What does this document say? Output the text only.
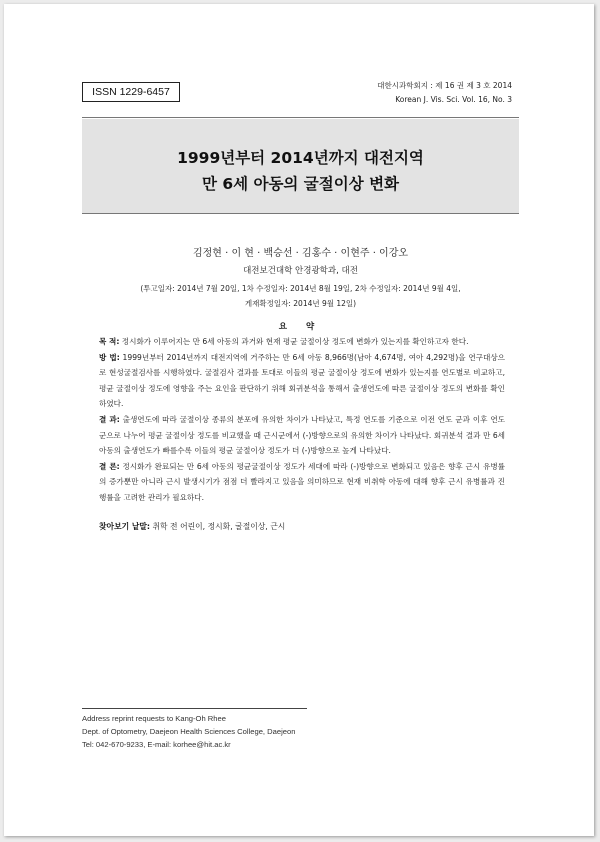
ISSN 1229-6457
대한시과학회지 : 제 16 권 제 3 호 2014
Korean J. Vis. Sci. Vol. 16, No. 3
1999년부터 2014년까지 대전지역
만 6세 아동의 굴절이상 변화
김정현 · 이 현 · 백승선 · 김홍수 · 이현주 · 이강오
대전보건대학 안경광학과, 대전
(투고일자: 2014년 7월 20일, 1차 수정일자: 2014년 8월 19일, 2차 수정일자: 2014년 9월 4일,
게재확정일자: 2014년 9월 12일)
요 약

목 적: 정시화가 이루어지는 만 6세 아동의 과거와 현재 평균 굴절이상 정도에 변화가 있는지를 확인하고자 한다.

방 법: 1999년부터 2014년까지 대전지역에 거주하는 만 6세 아동 8,966명(남아 4,674명, 여아 4,292명)을 연구대상으로 현성굴절검사를 시행하였다. 굴절검사 결과를 토대로 이들의 평균 굴절이상 정도에 변화가 있는지를 연도별로 비교하고, 평균 굴절이상 정도에 영향을 주는 요인을 판단하기 위해 회귀분석을 통해서 출생연도에 따른 굴절이상 정도의 변화를 확인하였다.

결 과: 출생연도에 따라 굴절이상 종류의 분포에 유의한 차이가 나타났고, 특정 연도를 기준으로 이전 연도 군과 이후 연도 군으로 나누어 평균 굴절이상 정도를 비교했을 때 근시군에서 (-)방향으로의 유의한 차이가 나타났다. 회귀분석 결과 만 6세 아동의 출생연도가 빠를수록 이들의 평균 굴절이상 정도가 더 (-)방향으로 높게 나타났다.

결 론: 정시화가 완료되는 만 6세 아동의 평균굴절이상 정도가 세대에 따라 (-)방향으로 변화되고 있음은 향후 근시 유병률의 증가뿐만 아니라 근시 발생시기가 점점 더 빨라지고 있음을 의미하므로 현재 비취학 아동에 대해 향후 근시 유병률과 진행률을 고려한 관리가 필요하다.

찾아보기 낱말: 취학 전 어린이, 정시화, 굴절이상, 근시
Address reprint requests to Kang-Oh Rhee
Dept. of Optometry, Daejeon Health Sciences College, Daejeon
Tel: 042-670-9233, E-mail: korhee@hit.ac.kr
